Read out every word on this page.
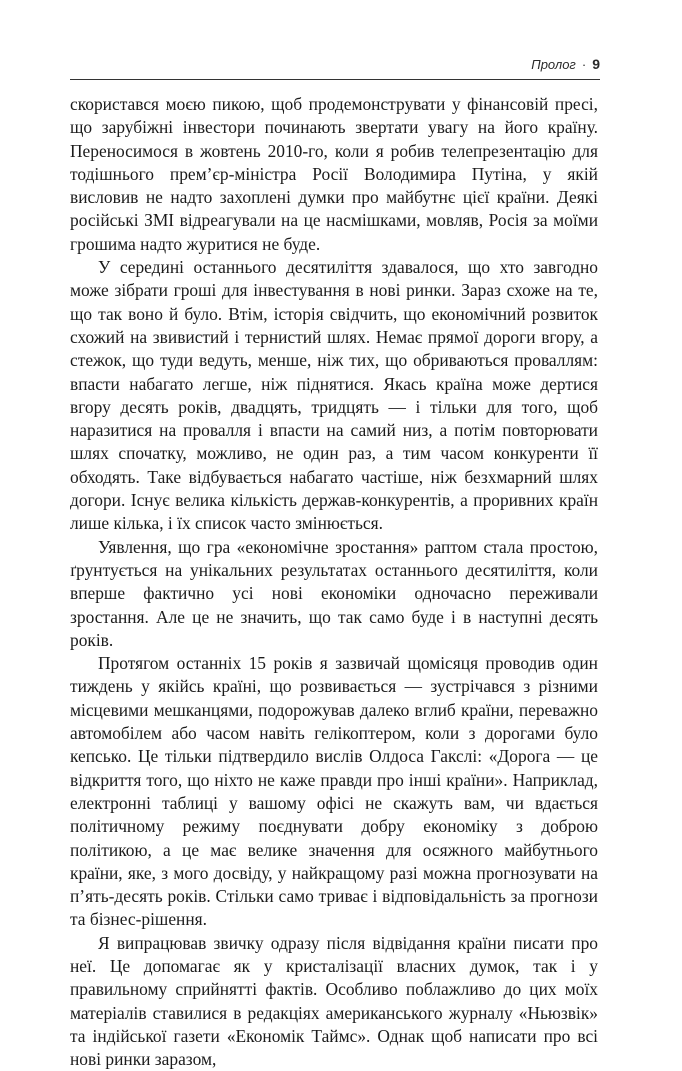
Пролог · 9

скористався моєю пикою, щоб продемонструвати у фінансовій пресі, що зарубіжні інвестори починають звертати увагу на його країну. Переносимося в жовтень 2010-го, коли я робив телепрезентацію для тодішнього прем’єр-міністра Росії Володимира Путіна, у якій висловив не надто захоплені думки про майбутнє цієї країни. Деякі російські ЗМІ відреагували на це насмішками, мовляв, Росія за моїми грошима надто журитися не буде.

У середині останнього десятиліття здавалося, що хто завгодно може зібрати гроші для інвестування в нові ринки. Зараз схоже на те, що так воно й було. Втім, історія свідчить, що економічний розвиток схожий на звивистий і тернистий шлях. Немає прямої дороги вгору, а стежок, що туди ведуть, менше, ніж тих, що обриваються проваллям: впасти набагато легше, ніж піднятися. Якась країна може дертися вгору десять років, двадцять, тридцять — і тільки для того, щоб наразитися на провалля і впасти на самий низ, а потім повторювати шлях спочатку, можливо, не один раз, а тим часом конкуренти її обходять. Таке відбувається набагато частіше, ніж безхмарний шлях догори. Існує велика кількість держав-конкурентів, а проривних країн лише кілька, і їх список часто змінюється.

Уявлення, що гра «економічне зростання» раптом стала простою, ґрунтується на унікальних результатах останнього десятиліття, коли вперше фактично усі нові економіки одночасно переживали зростання. Але це не значить, що так само буде і в наступні десять років.

Протягом останніх 15 років я зазвичай щомісяця проводив один тиждень у якійсь країні, що розвивається — зустрічався з різними місцевими мешканцями, подорожував далеко вглиб країни, переважно автомобілем або часом навіть гелікоптером, коли з дорогами було кепсько. Це тільки підтвердило вислів Олдоса Гакслі: «Дорога — це відкриття того, що ніхто не каже правди про інші країни». Наприклад, електронні таблиці у вашому офісі не скажуть вам, чи вдається політичному режиму поєднувати добру економіку з доброю політикою, а це має велике значення для осяжного майбутнього країни, яке, з мого досвіду, у найкращому разі можна прогнозувати на п’ять-десять років. Стільки само триває і відповідальність за прогнози та бізнес-рішення.

Я випрацював звичку одразу після відвідання країни писати про неї. Це допомагає як у кристалізації власних думок, так і у правильному сприйнятті фактів. Особливо поблажливо до цих моїх матеріалів ставилися в редакціях американського журналу «Ньюзвік» та індійської газети «Економік Таймс». Однак щоб написати про всі нові ринки заразом,
